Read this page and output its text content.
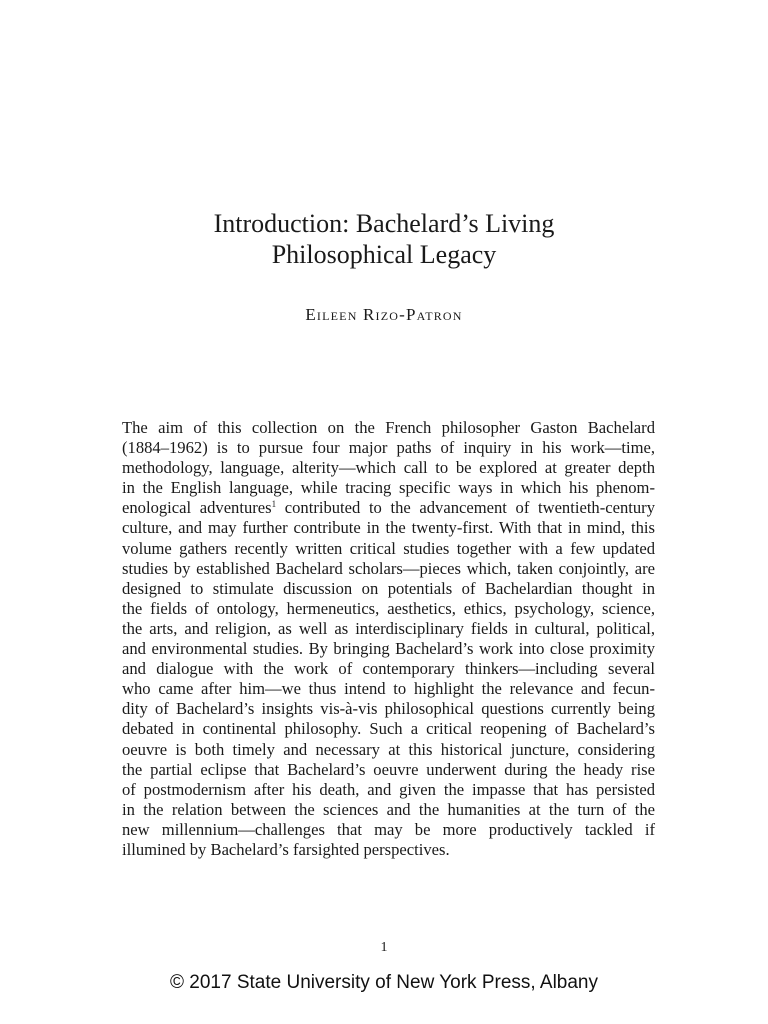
Introduction: Bachelard’s Living
Philosophical Legacy
Eileen Rizo-Patron
The aim of this collection on the French philosopher Gaston Bachelard
(1884–1962) is to pursue four major paths of inquiry in his work—time,
methodology, language, alterity—which call to be explored at greater depth
in the English language, while tracing specific ways in which his phenom-
enological adventures$^1$ contributed to the advancement of twentieth-century
culture, and may further contribute in the twenty-first. With that in mind, this
volume gathers recently written critical studies together with a few updated
studies by established Bachelard scholars—pieces which, taken conjointly, are
designed to stimulate discussion on potentials of Bachelardian thought in
the fields of ontology, hermeneutics, aesthetics, ethics, psychology, science,
the arts, and religion, as well as interdisciplinary fields in cultural, political,
and environmental studies. By bringing Bachelard’s work into close proximity
and dialogue with the work of contemporary thinkers—including several
who came after him—we thus intend to highlight the relevance and fecun-
dity of Bachelard’s insights vis-à-vis philosophical questions currently being
debated in continental philosophy. Such a critical reopening of Bachelard’s
oeuvre is both timely and necessary at this historical juncture, considering
the partial eclipse that Bachelard’s oeuvre underwent during the heady rise
of postmodernism after his death, and given the impasse that has persisted
in the relation between the sciences and the humanities at the turn of the
new millennium—challenges that may be more productively tackled if
illumined by Bachelard’s farsighted perspectives.
1
© 2017 State University of New York Press, Albany
